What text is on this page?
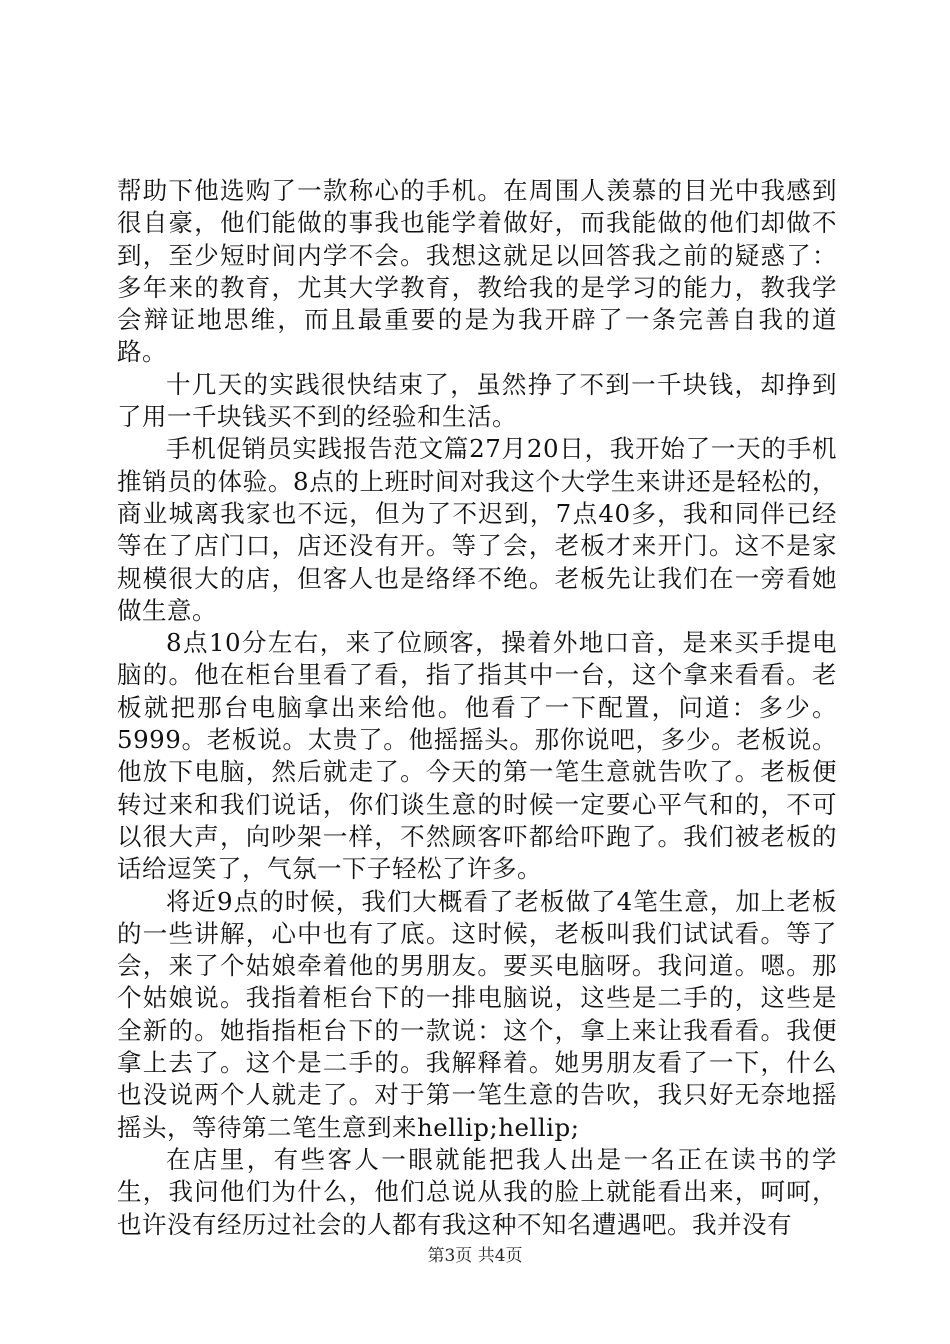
帮助下他选购了一款称心的手机。在周围人羡慕的目光中我感到很自豪，他们能做的事我也能学着做好，而我能做的他们却做不到，至少短时间内学不会。我想这就足以回答我之前的疑惑了：多年来的教育，尤其大学教育，教给我的是学习的能力，教我学会辩证地思维，而且最重要的是为我开辟了一条完善自我的道路。

十几天的实践很快结束了，虽然挣了不到一千块钱，却挣到了用一千块钱买不到的经验和生活。

手机促销员实践报告范文篇27月20日，我开始了一天的手机推销员的体验。8点的上班时间对我这个大学生来讲还是轻松的，商业城离我家也不远，但为了不迟到，7点40多，我和同伴已经等在了店门口，店还没有开。等了会，老板才来开门。这不是家规模很大的店，但客人也是络绎不绝。老板先让我们在一旁看她做生意。

8点10分左右，来了位顾客，操着外地口音，是来买手提电脑的。他在柜台里看了看，指了指其中一台，这个拿来看看。老板就把那台电脑拿出来给他。他看了一下配置，问道：多少。5999。老板说。太贵了。他摇摇头。那你说吧，多少。老板说。他放下电脑，然后就走了。今天的第一笔生意就告吹了。老板便转过来和我们说话，你们谈生意的时候一定要心平气和的，不可以很大声，向吵架一样，不然顾客吓都给吓跑了。我们被老板的话给逗笑了，气氛一下子轻松了许多。

将近9点的时候，我们大概看了老板做了4笔生意，加上老板的一些讲解，心中也有了底。这时候，老板叫我们试试看。等了会，来了个姑娘牵着他的男朋友。要买电脑呀。我问道。嗯。那个姑娘说。我指着柜台下的一排电脑说，这些是二手的，这些是全新的。她指指柜台下的一款说：这个，拿上来让我看看。我便拿上去了。这个是二手的。我解释着。她男朋友看了一下，什么也没说两个人就走了。对于第一笔生意的告吹，我只好无奈地摇摇头，等待第二笔生意到来hellip;hellip;

在店里，有些客人一眼就能把我人出是一名正在读书的学生，我问他们为什么，他们总说从我的脸上就能看出来，呵呵，也许没有经历过社会的人都有我这种不知名遭遇吧。我并没有

第3页 共4页
